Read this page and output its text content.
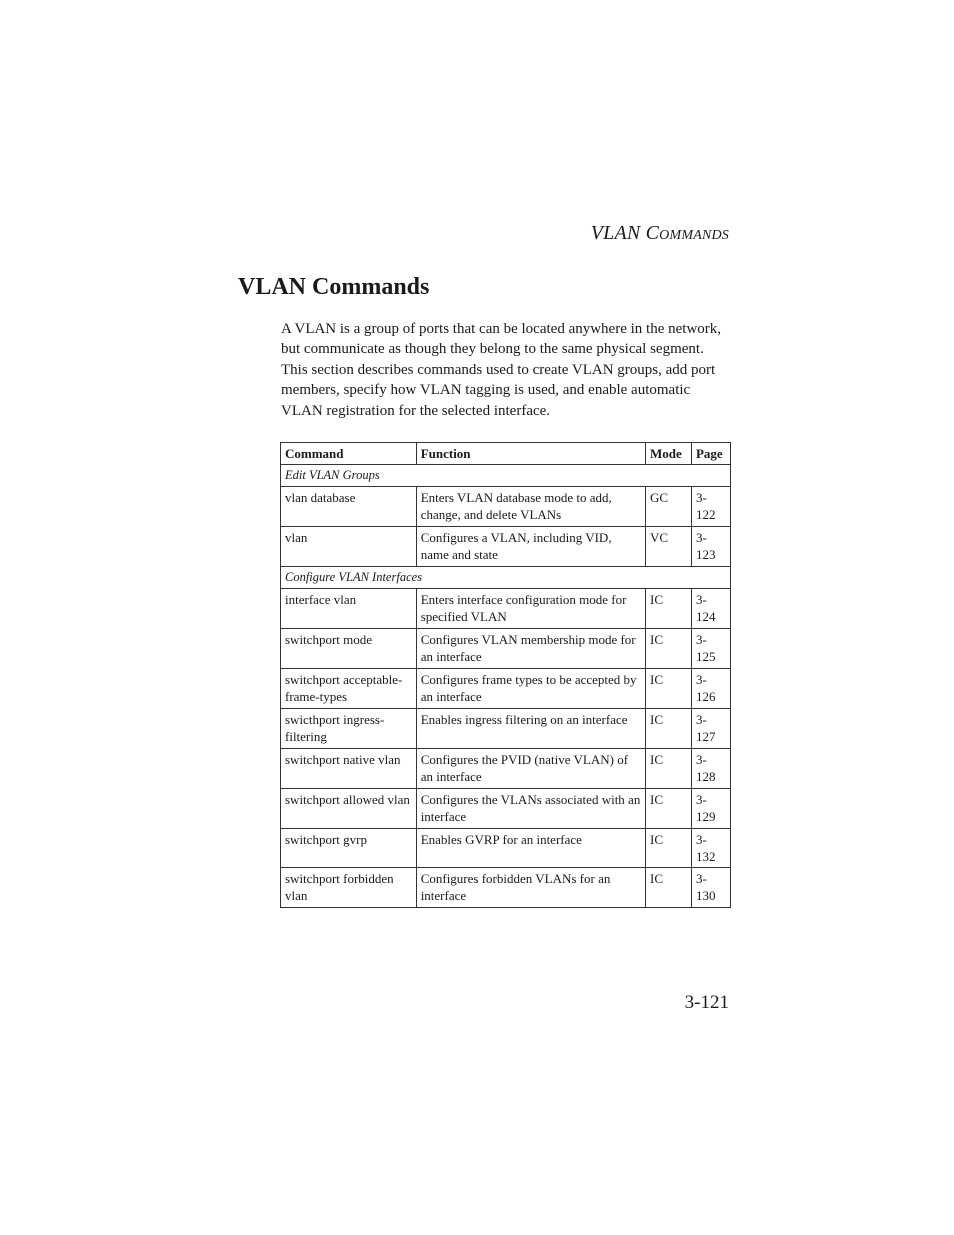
VLAN COMMANDS
VLAN Commands

A VLAN is a group of ports that can be located anywhere in the network, but communicate as though they belong to the same physical segment. This section describes commands used to create VLAN groups, add port members, specify how VLAN tagging is used, and enable automatic VLAN registration for the selected interface.

Command	Function	Mode	Page
Edit VLAN Groups			
vlan database	Enters VLAN database mode to add, change, and delete VLANs	GC	3-122
vlan	Configures a VLAN, including VID, name and state	VC	3-123
Configure VLAN Interfaces			
interface vlan	Enters interface configuration mode for specified VLAN	IC	3-124
switchport mode	Configures VLAN membership mode for an interface	IC	3-125
switchport acceptable-frame-types	Configures frame types to be accepted by an interface	IC	3-126
swicthport ingress-filtering	Enables ingress filtering on an interface	IC	3-127
switchport native vlan	Configures the PVID (native VLAN) of an interface	IC	3-128
switchport allowed vlan	Configures the VLANs associated with an interface	IC	3-129
switchport gvrp	Enables GVRP for an interface	IC	3-132
switchport forbidden vlan	Configures forbidden VLANs for an interface	IC	3-130
3-121
